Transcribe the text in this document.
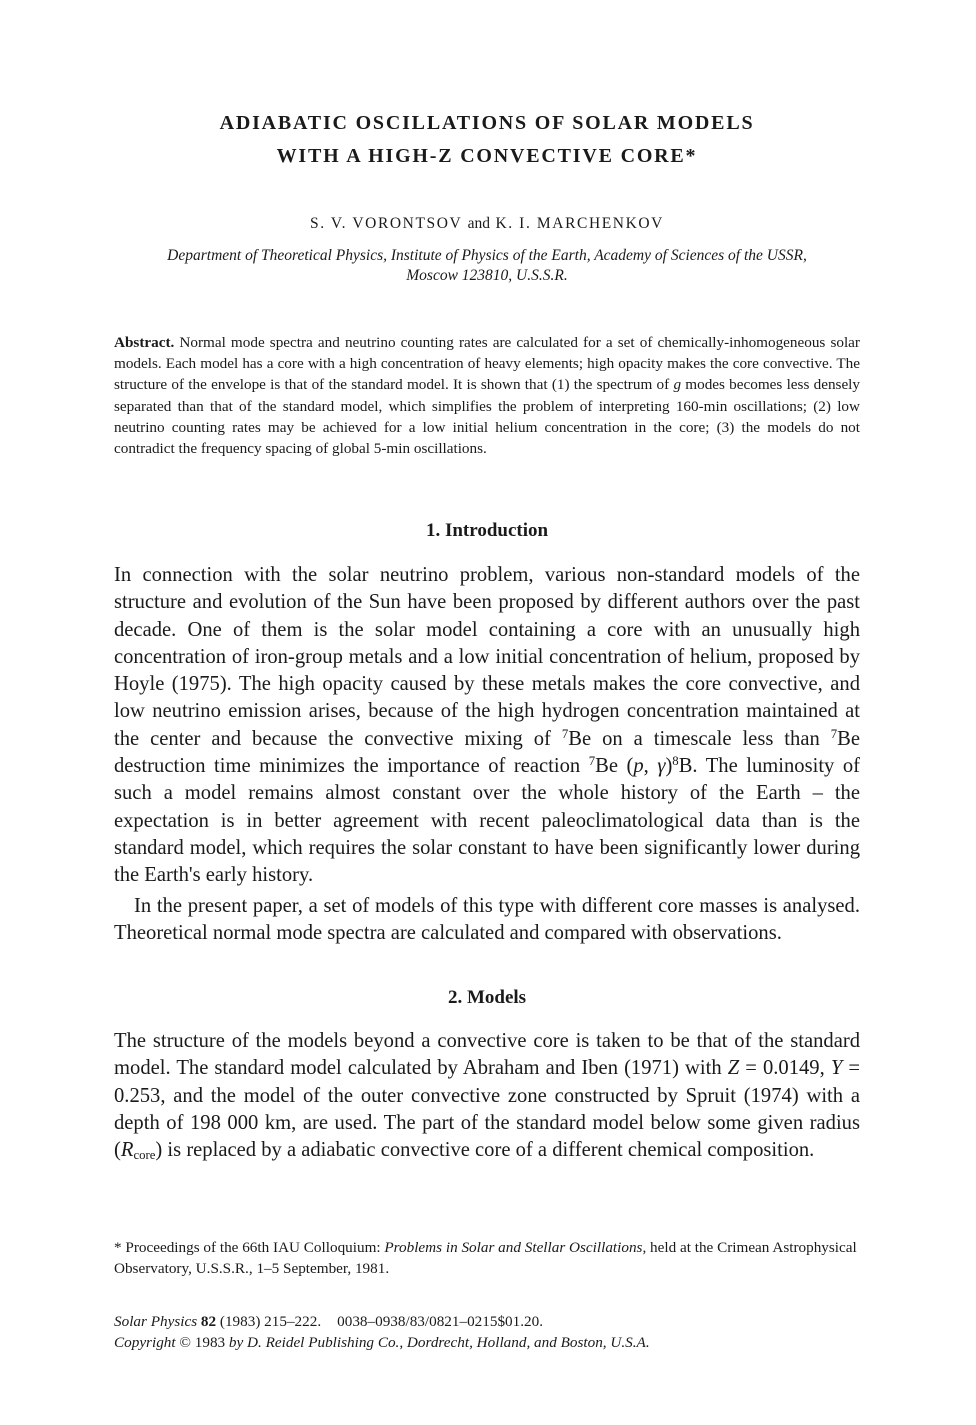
ADIABATIC OSCILLATIONS OF SOLAR MODELS
WITH A HIGH-Z CONVECTIVE CORE*
S. V. VORONTSOV and K. I. MARCHENKOV
Department of Theoretical Physics, Institute of Physics of the Earth, Academy of Sciences of the USSR,
Moscow 123810, U.S.S.R.
Abstract. Normal mode spectra and neutrino counting rates are calculated for a set of chemically-inhomogeneous solar models. Each model has a core with a high concentration of heavy elements; high opacity makes the core convective. The structure of the envelope is that of the standard model. It is shown that (1) the spectrum of g modes becomes less densely separated than that of the standard model, which simplifies the problem of interpreting 160-min oscillations; (2) low neutrino counting rates may be achieved for a low initial helium concentration in the core; (3) the models do not contradict the frequency spacing of global 5-min oscillations.
1. Introduction

In connection with the solar neutrino problem, various non-standard models of the structure and evolution of the Sun have been proposed by different authors over the past decade. One of them is the solar model containing a core with an unusually high concentration of iron-group metals and a low initial concentration of helium, proposed by Hoyle (1975). The high opacity caused by these metals makes the core convective, and low neutrino emission arises, because of the high hydrogen concentration maintained at the center and because the convective mixing of $^7$Be on a timescale less than $^7$Be destruction time minimizes the importance of reaction $^7$Be (p, γ)$^8$B. The luminosity of such a model remains almost constant over the whole history of the Earth – the expectation is in better agreement with recent paleoclimatological data than is the standard model, which requires the solar constant to have been significantly lower during the Earth's early history.

In the present paper, a set of models of this type with different core masses is analysed. Theoretical normal mode spectra are calculated and compared with observations.

2. Models

The structure of the models beyond a convective core is taken to be that of the standard model. The standard model calculated by Abraham and Iben (1971) with Z = 0.0149, Y = 0.253, and the model of the outer convective zone constructed by Spruit (1974) with a depth of 198 000 km, are used. The part of the standard model below some given radius $(R_{core})$ is replaced by a adiabatic convective core of a different chemical composition.

* Proceedings of the 66th IAU Colloquium: Problems in Solar and Stellar Oscillations, held at the Crimean Astrophysical Observatory, U.S.S.R., 1–5 September, 1981.
Solar Physics 82 (1983) 215–222. 0038–0938/83/0821–0215$01.20.
Copyright © 1983 by D. Reidel Publishing Co., Dordrecht, Holland, and Boston, U.S.A.
